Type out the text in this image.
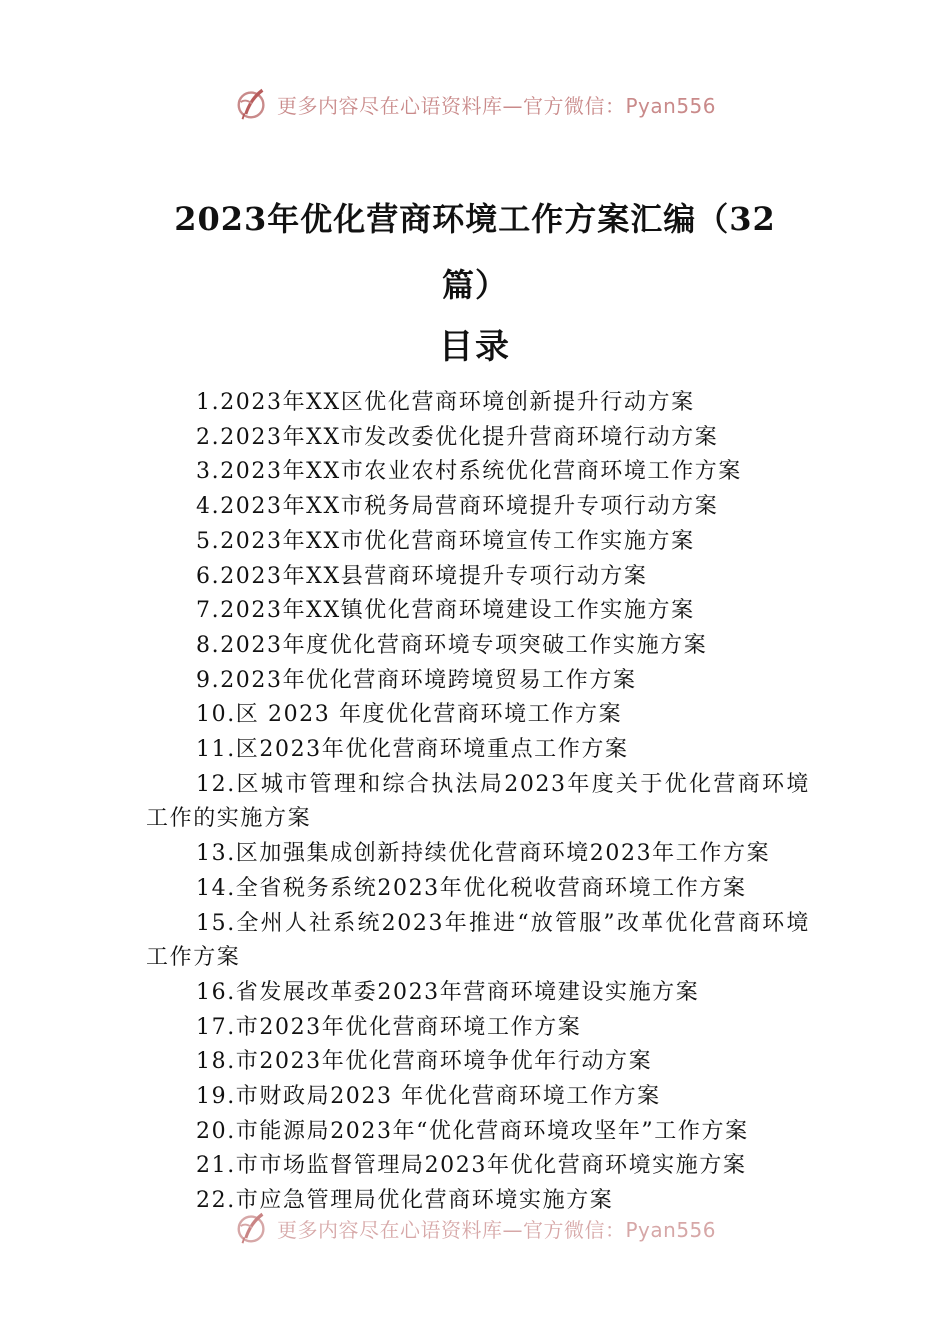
更多内容尽在心语资料库—官方微信：Pyan556
2023年优化营商环境工作方案汇编（32篇）
目录
1.2023年XX区优化营商环境创新提升行动方案
2.2023年XX市发改委优化提升营商环境行动方案
3.2023年XX市农业农村系统优化营商环境工作方案
4.2023年XX市税务局营商环境提升专项行动方案
5.2023年XX市优化营商环境宣传工作实施方案
6.2023年XX县营商环境提升专项行动方案
7.2023年XX镇优化营商环境建设工作实施方案
8.2023年度优化营商环境专项突破工作实施方案
9.2023年优化营商环境跨境贸易工作方案
10.区 2023 年度优化营商环境工作方案
11.区2023年优化营商环境重点工作方案
12.区城市管理和综合执法局2023年度关于优化营商环境工作的实施方案
13.区加强集成创新持续优化营商环境2023年工作方案
14.全省税务系统2023年优化税收营商环境工作方案
15.全州人社系统2023年推进“放管服”改革优化营商环境工作方案
16.省发展改革委2023年营商环境建设实施方案
17.市2023年优化营商环境工作方案
18.市2023年优化营商环境争优年行动方案
19.市财政局2023 年优化营商环境工作方案
20.市能源局2023年“优化营商环境攻坚年”工作方案
21.市市场监督管理局2023年优化营商环境实施方案
22.市应急管理局优化营商环境实施方案
更多内容尽在心语资料库—官方微信：Pyan556
